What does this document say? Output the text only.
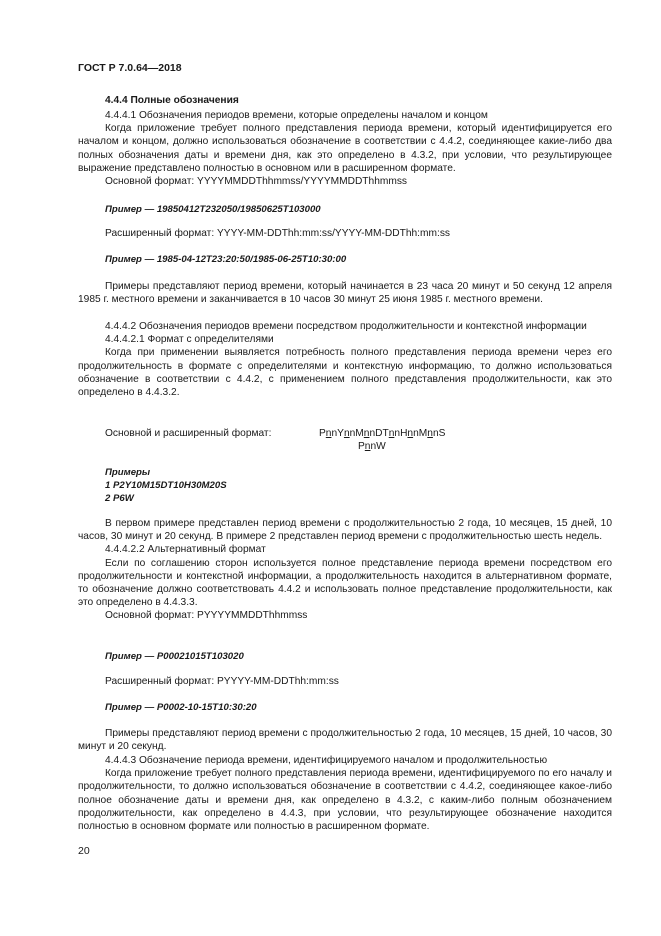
ГОСТ Р 7.0.64—2018

4.4.4 Полные обозначения

4.4.4.1 Обозначения периодов времени, которые определены началом и концом

Когда приложение требует полного представления периода времени, который идентифицируется его началом и концом, должно использоваться обозначение в соответствии с 4.4.2, соединяющее какие-либо два полных обозначения даты и времени дня, как это определено в 4.3.2, при условии, что результирующее выражение представлено полностью в основном или в расширенном формате.

Основной формат: YYYYMMDDThhmmss/YYYYMMDDThhmmss

Пример — 19850412T232050/19850625T103000

Расширенный формат: YYYY-MM-DDThh:mm:ss/YYYY-MM-DDThh:mm:ss

Пример — 1985-04-12T23:20:50/1985-06-25T10:30:00

Примеры представляют период времени, который начинается в 23 часа 20 минут и 50 секунд 12 апреля 1985 г. местного времени и заканчивается в 10 часов 30 минут 25 июня 1985 г. местного времени.

4.4.4.2 Обозначения периодов времени посредством продолжительности и контекстной информации

4.4.4.2.1 Формат с определителями

Когда при применении выявляется потребность полного представления периода времени через его продолжительность в формате с определителями и контекстную информацию, то должно использоваться обозначение в соответствии с 4.4.2, с применением полного представления продолжительности, как это определено в 4.4.3.2.

Основной и расширенный формат:	PnnYnnMnnDTnnHnnMnnS
PnnW

Примеры

1 P2Y10M15DT10H30M20S

2 P6W

В первом примере представлен период времени с продолжительностью 2 года, 10 месяцев, 15 дней, 10 часов, 30 минут и 20 секунд. В примере 2 представлен период времени с продолжительностью шесть недель.

4.4.4.2.2 Альтернативный формат

Если по соглашению сторон используется полное представление периода времени посредством его продолжительности и контекстной информации, а продолжительность находится в альтернативном формате, то обозначение должно соответствовать 4.4.2 и использовать полное представление продолжительности, как это определено в 4.4.3.3.

Основной формат: PYYYYMMDDThhmmss

Пример — P00021015T103020

Расширенный формат: PYYYY-MM-DDThh:mm:ss

Пример — P0002-10-15T10:30:20

Примеры представляют период времени с продолжительностью 2 года, 10 месяцев, 15 дней, 10 часов, 30 минут и 20 секунд.

4.4.4.3 Обозначение периода времени, идентифицируемого началом и продолжительностью

Когда приложение требует полного представления периода времени, идентифицируемого по его началу и продолжительности, то должно использоваться обозначение в соответствии с 4.4.2, соединяющее какое-либо полное обозначение даты и времени дня, как определено в 4.3.2, с каким-либо полным обозначением продолжительности, как определено в 4.4.3, при условии, что результирующее обозначение находится полностью в основном формате или полностью в расширенном формате.

20
